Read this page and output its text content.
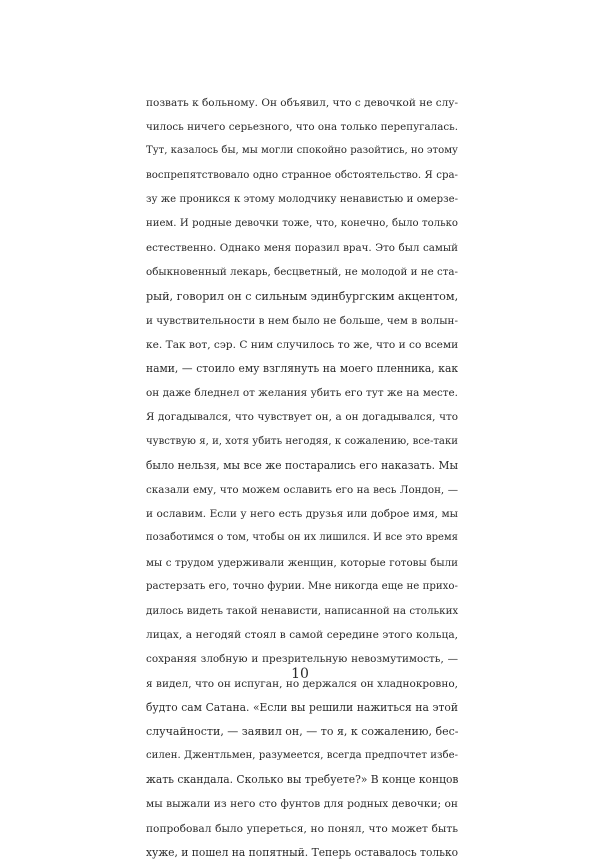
позвать к больному. Он объявил, что с девочкой не слу-
чилось ничего серьезного, что она только перепугалась.
Тут, казалось бы, мы могли спокойно разойтись, но этому
воспрепятствовало одно странное обстоятельство. Я сра-
зу же проникся к этому молодчику ненавистью и омерзе-
нием. И родные девочки тоже, что, конечно, было только
естественно. Однако меня поразил врач. Это был самый
обыкновенный лекарь, бесцветный, не молодой и не ста-
рый, говорил он с сильным эдинбургским акцентом,
и чувствительности в нем было не больше, чем в волын-
ке. Так вот, сэр. С ним случилось то же, что и со всеми
нами, — стоило ему взглянуть на моего пленника, как
он даже бледнел от желания убить его тут же на месте.
Я догадывался, что чувствует он, а он догадывался, что
чувствую я, и, хотя убить негодяя, к сожалению, все-таки
было нельзя, мы все же постарались его наказать. Мы
сказали ему, что можем ославить его на весь Лондон, —
и ославим. Если у него есть друзья или доброе имя, мы
позаботимся о том, чтобы он их лишился. И все это время
мы с трудом удерживали женщин, которые готовы были
растерзать его, точно фурии. Мне никогда еще не прихо-
дилось видеть такой ненависти, написанной на стольких
лицах, а негодяй стоял в самой середине этого кольца,
сохраняя злобную и презрительную невозмутимость, —
я видел, что он испуган, но держался он хладнокровно,
будто сам Сатана. «Если вы решили нажиться на этой
случайности, — заявил он, — то я, к сожалению, бес-
силен. Джентльмен, разумеется, всегда предпочтет избе-
жать скандала. Сколько вы требуете?» В конце концов
мы выжали из него сто фунтов для родных девочки; он
попробовал было упереться, но понял, что может быть
хуже, и пошел на попятный. Теперь оставалось только
10
